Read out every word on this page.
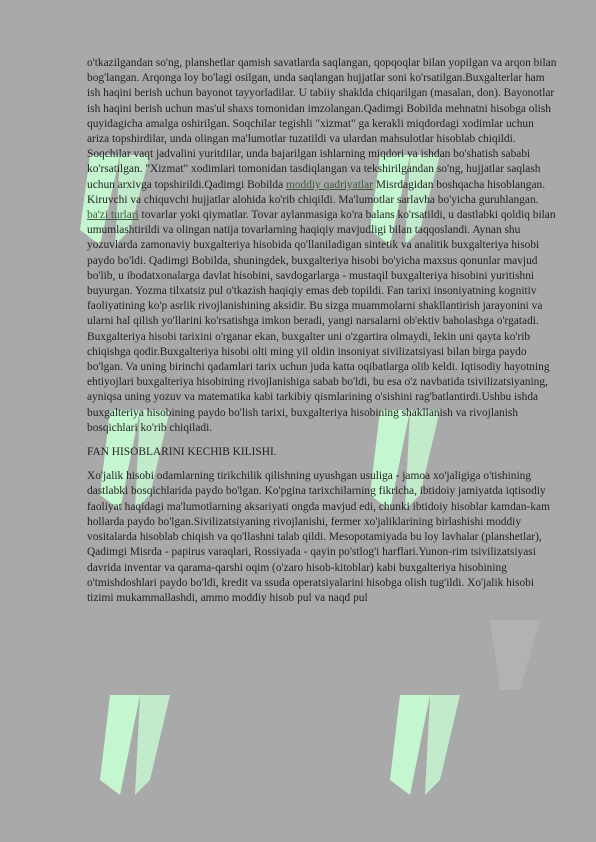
o'tkazilgandan so'ng, planshetlar qamish savatlarda saqlangan, qopqoqlar bilan yopilgan va arqon bilan bog'langan. Arqonga loy bo'lagi osilgan, unda saqlangan hujjatlar soni ko'rsatilgan.Buxgalterlar ham ish haqini berish uchun bayonot tayyorladilar. U tabiiy shaklda chiqarilgan (masalan, don). Bayonotlar ish haqini berish uchun mas'ul shaxs tomonidan imzolangan.Qadimgi Bobilda mehnatni hisobga olish quyidagicha amalga oshirilgan. Soqchilar tegishli "xizmat" ga kerakli miqdordagi xodimlar uchun ariza topshirdilar, unda olingan ma'lumotlar tuzatildi va ulardan mahsulotlar hisoblab chiqildi. Soqchilar vaqt jadvalini yuritdilar, unda bajarilgan ishlarning miqdori va ishdan bo'shatish sababi ko'rsatilgan. "Xizmat" xodimlari tomonidan tasdiqlangan va tekshirilgandan so'ng, hujjatlar saqlash uchun arxivga topshirildi.Qadimgi Bobilda moddiy qadriyatlar Misrdagidan boshqacha hisoblangan. Kiruvchi va chiquvchi hujjatlar alohida ko'rib chiqildi. Ma'lumotlar sarlavha bo'yicha guruhlangan. ba'zi turlari tovarlar yoki qiymatlar. Tovar aylanmasiga ko'ra balans ko'rsatildi, u dastlabki qoldiq bilan umumlashtirildi va olingan natija tovarlarning haqiqiy mavjudligi bilan taqqoslandi. Aynan shu yozuvlarda zamonaviy buxgalteriya hisobida qo'llaniladigan sintetik va analitik buxgalteriya hisobi paydo bo'ldi. Qadimgi Bobilda, shuningdek, buxgalteriya hisobi bo'yicha maxsus qonunlar mavjud bo'lib, u ibodatxonalarga davlat hisobini, savdogarlarga - mustaqil buxgalteriya hisobini yuritishni buyurgan. Yozma tilxatsiz pul o'tkazish haqiqiy emas deb topildi. Fan tarixi insoniyatning kognitiv faoliyatining ko'p asrlik rivojlanishining aksidir. Bu sizga muammolarni shakllantirish jarayonini va ularni hal qilish yo'llarini ko'rsatishga imkon beradi, yangi narsalarni ob'ektiv baholashga o'rgatadi. Buxgalteriya hisobi tarixini o'rganar ekan, buxgalter uni o'zgartira olmaydi, lekin uni qayta ko'rib chiqishga qodir.Buxgalteriya hisobi olti ming yil oldin insoniyat sivilizatsiyasi bilan birga paydo bo'lgan. Va uning birinchi qadamlari tarix uchun juda katta oqibatlarga olib keldi. Iqtisodiy hayotning ehtiyojlari buxgalteriya hisobining rivojlanishiga sabab bo'ldi, bu esa o'z navbatida tsivilizatsiyaning, ayniqsa uning yozuv va matematika kabi tarkibiy qismlarining o'sishini rag'batlantirdi.Ushbu ishda buxgalteriya hisobining paydo bo'lish tarixi, buxgalteriya hisobining shakllanish va rivojlanish bosqichlari ko'rib chiqiladi.

FAN HISOBLARINI KECHIB KILISHI.

Xo'jalik hisobi odamlarning tirikchilik qilishning uyushgan usuliga - jamoa xo'jaligiga o'tishining dastlabki bosqichlarida paydo bo'lgan. Ko'pgina tarixchilarning fikricha, ibtidoiy jamiyatda iqtisodiy faoliyat haqidagi ma'lumotlarning aksariyati ongda mavjud edi, chunki ibtidoiy hisoblar kamdan-kam hollarda paydo bo'lgan.Sivilizatsiyaning rivojlanishi, fermer xo'jaliklarining birlashishi moddiy vositalarda hisoblab chiqish va qo'llashni talab qildi. Mesopotamiyada bu loy lavhalar (planshetlar), Qadimgi Misrda - papirus varaqlari, Rossiyada - qayin po'stlog'i harflari.Yunon-rim tsivilizatsiyasi davrida inventar va qarama-qarshi oqim (o'zaro hisob-kitoblar) kabi buxgalteriya hisobining o'tmishdoshlari paydo bo'ldi, kredit va ssuda operatsiyalarini hisobga olish tug'ildi. Xo'jalik hisobi tizimi mukammallashdi, ammo moddiy hisob pul va naqd pul
